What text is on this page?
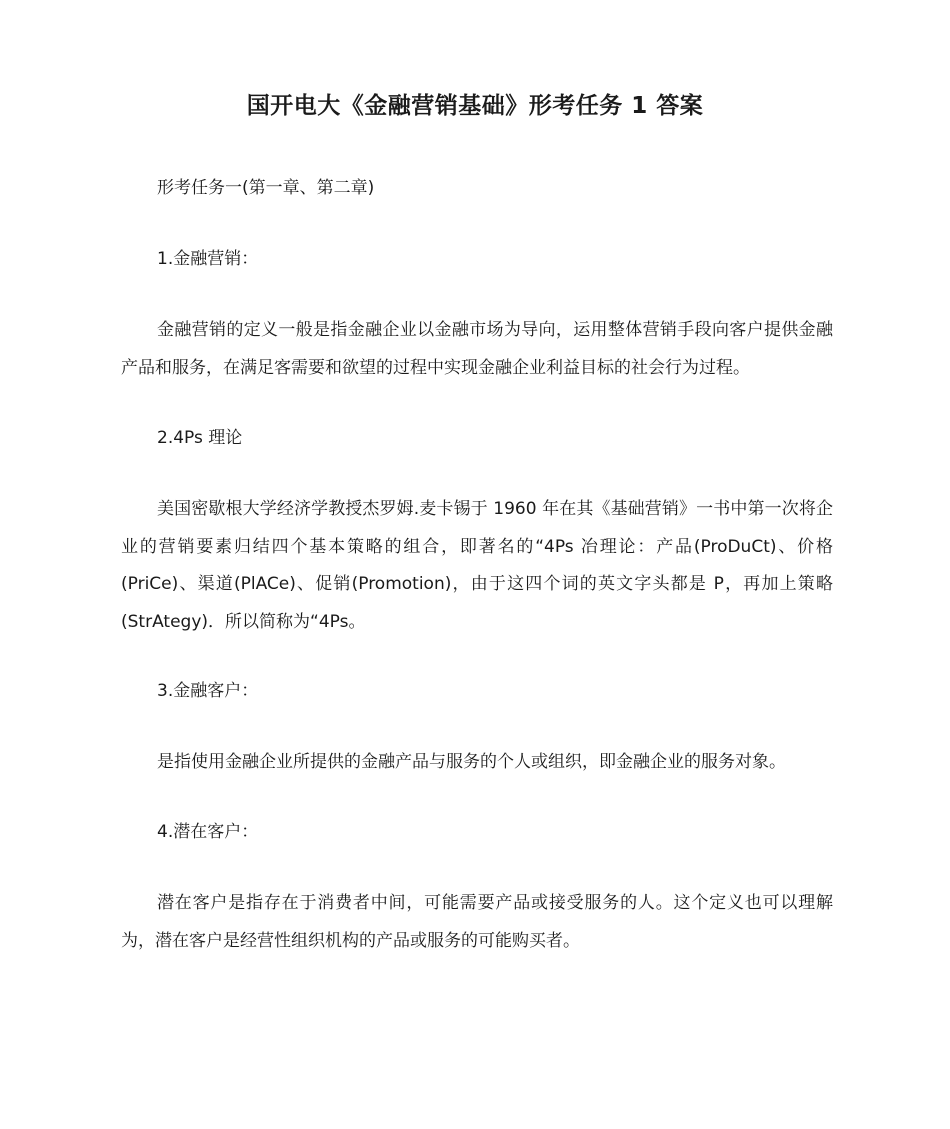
国开电大《金融营销基础》形考任务 1 答案

形考任务一(第一章、第二章)

1.金融营销：

金融营销的定义一般是指金融企业以金融市场为导向，运用整体营销手段向客户提供金融产品和服务，在满足客需要和欲望的过程中实现金融企业利益目标的社会行为过程。

2.4Ps 理论

美国密歇根大学经济学教授杰罗姆.麦卡锡于 1960 年在其《基础营销》一书中第一次将企业的营销要素归结四个基本策略的组合，即著名的“4Ps 冶理论：产品(ProDuCt)、价格(PriCe)、渠道(PlACe)、促销(Promotion)，由于这四个词的英文字头都是 P，再加上策略(StrAtegy)．所以简称为“4Ps。

3.金融客户：

是指使用金融企业所提供的金融产品与服务的个人或组织，即金融企业的服务对象。

4.潜在客户：

潜在客户是指存在于消费者中间，可能需要产品或接受服务的人。这个定义也可以理解为，潜在客户是经营性组织机构的产品或服务的可能购买者。
